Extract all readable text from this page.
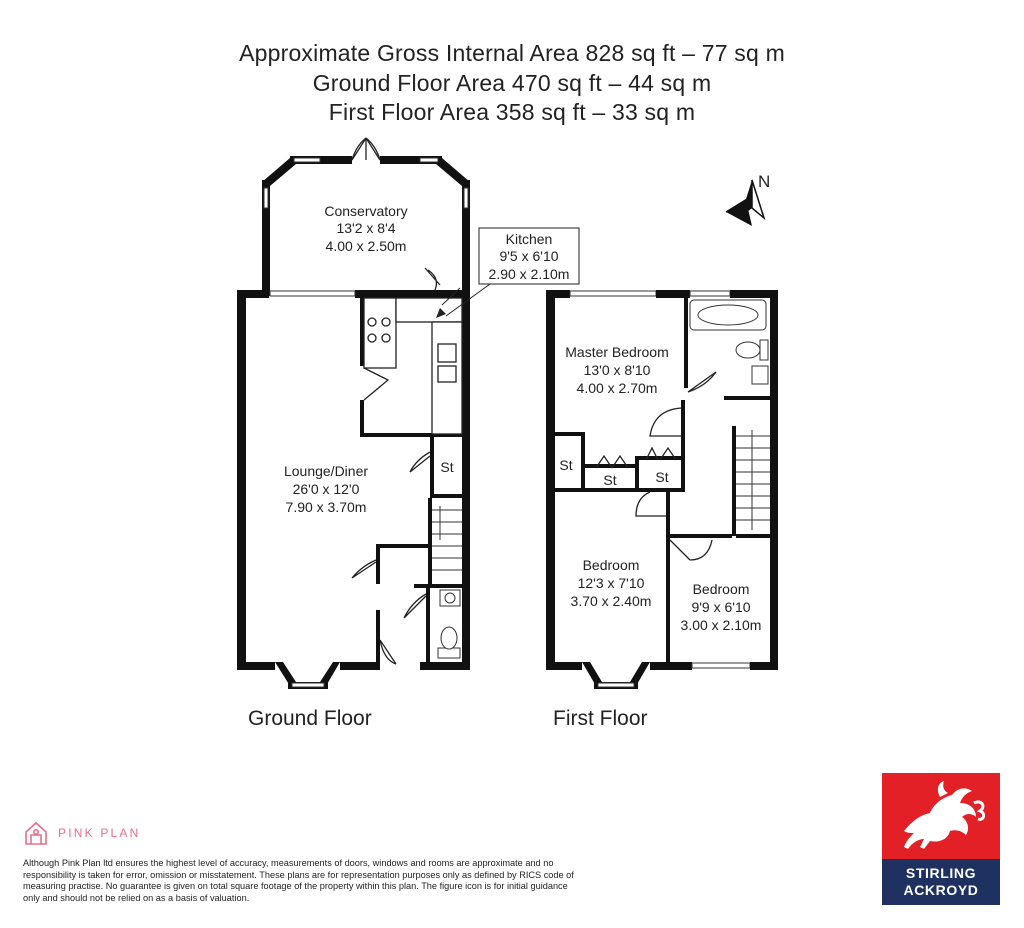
Approximate Gross Internal Area 828 sq ft – 77 sq m
Ground Floor Area 470 sq ft – 44 sq m
First Floor Area 358 sq ft – 33 sq m
N
Conservatory
13'2 x 8'4
4.00 x 2.50m	Kitchen
9'5 x 6'10
2.90 x 2.10m
Lounge/Diner
26'0 x 12'0
7.90 x 3.70m
St
Master Bedroom
13'0 x 8'10
4.00 x 2.70m
Bedroom
12'3 x 7'10
3.70 x 2.40m
Bedroom
9'9 x 6'10
3.00 x 2.10m
St
St	St
Ground Floor	First Floor
PINK PLAN
Although Pink Plan ltd ensures the highest level of accuracy, measurements of doors, windows and rooms are approximate and no responsibility is taken for error, omission or misstatement. These plans are for representation purposes only as defined by RICS code of measuring practise. No guarantee is given on total square footage of the property within this plan. The figure icon is for initial guidance only and should not be relied on as a basis of valuation.
STIRLING
ACKROYD
